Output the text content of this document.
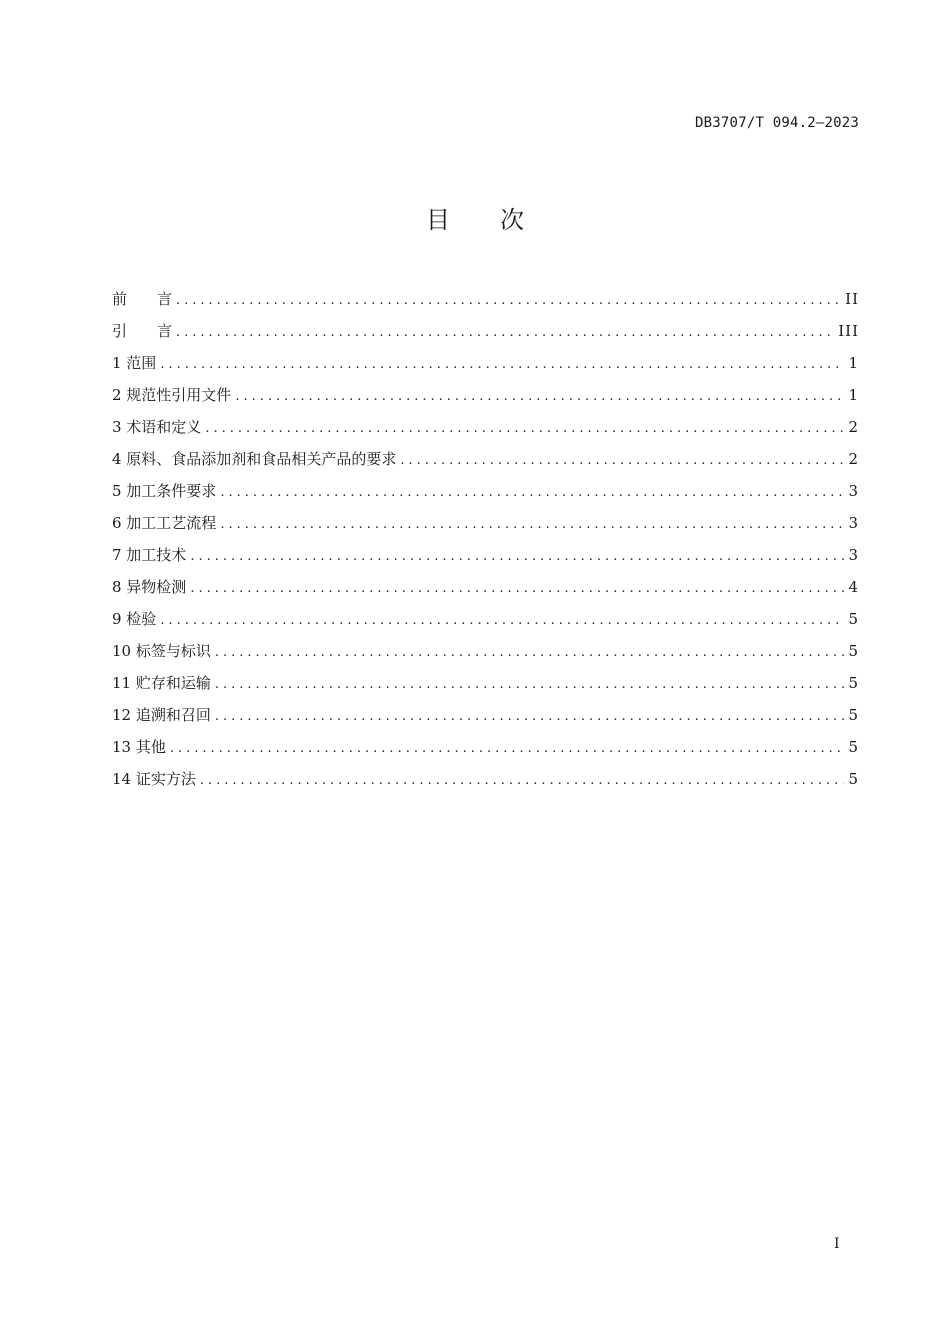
DB3707/T 094.2—2023
目次
前　　言 .....	II
引　　言 .....	III
1 范围 .....	1
2 规范性引用文件 .....	1
3 术语和定义 .....	2
4 原料、食品添加剂和食品相关产品的要求 .....	2
5 加工条件要求 .....	3
6 加工工艺流程 .....	3
7 加工技术 .....	3
8 异物检测 .....	4
9 检验 .....	5
10 标签与标识 .....	5
11 贮存和运输 .....	5
12 追溯和召回 .....	5
13 其他 .....	5
14 证实方法 .....	5
I
